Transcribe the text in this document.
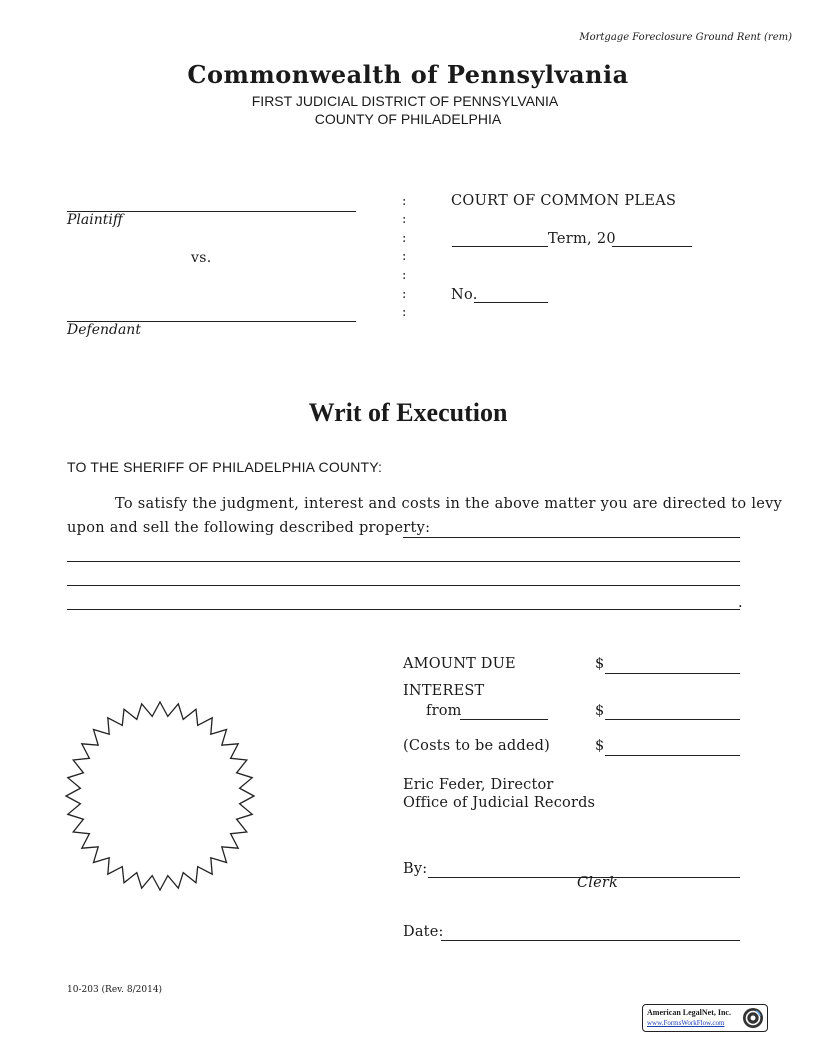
Mortgage Foreclosure Ground Rent (rem)
Commonwealth of Pennsylvania
FIRST JUDICIAL DISTRICT OF PENNSYLVANIA
COUNTY OF PHILADELPHIA
Plaintiff
vs.
Defendant
:
:
:
:
:
:
:
COURT OF COMMON PLEAS
Term, 20
No.
Writ of Execution
TO THE SHERIFF OF PHILADELPHIA COUNTY:
To satisfy the judgment, interest and costs in the above matter you are directed to levy
upon and sell the following described property:
.
AMOUNT DUE	$
INTEREST
from	$
(Costs to be added)	$
Eric Feder, Director
Office of Judicial Records
By:
Clerk
Date:
10-203 (Rev. 8/2014)
American LegalNet, Inc.
www.FormsWorkFlow.com
